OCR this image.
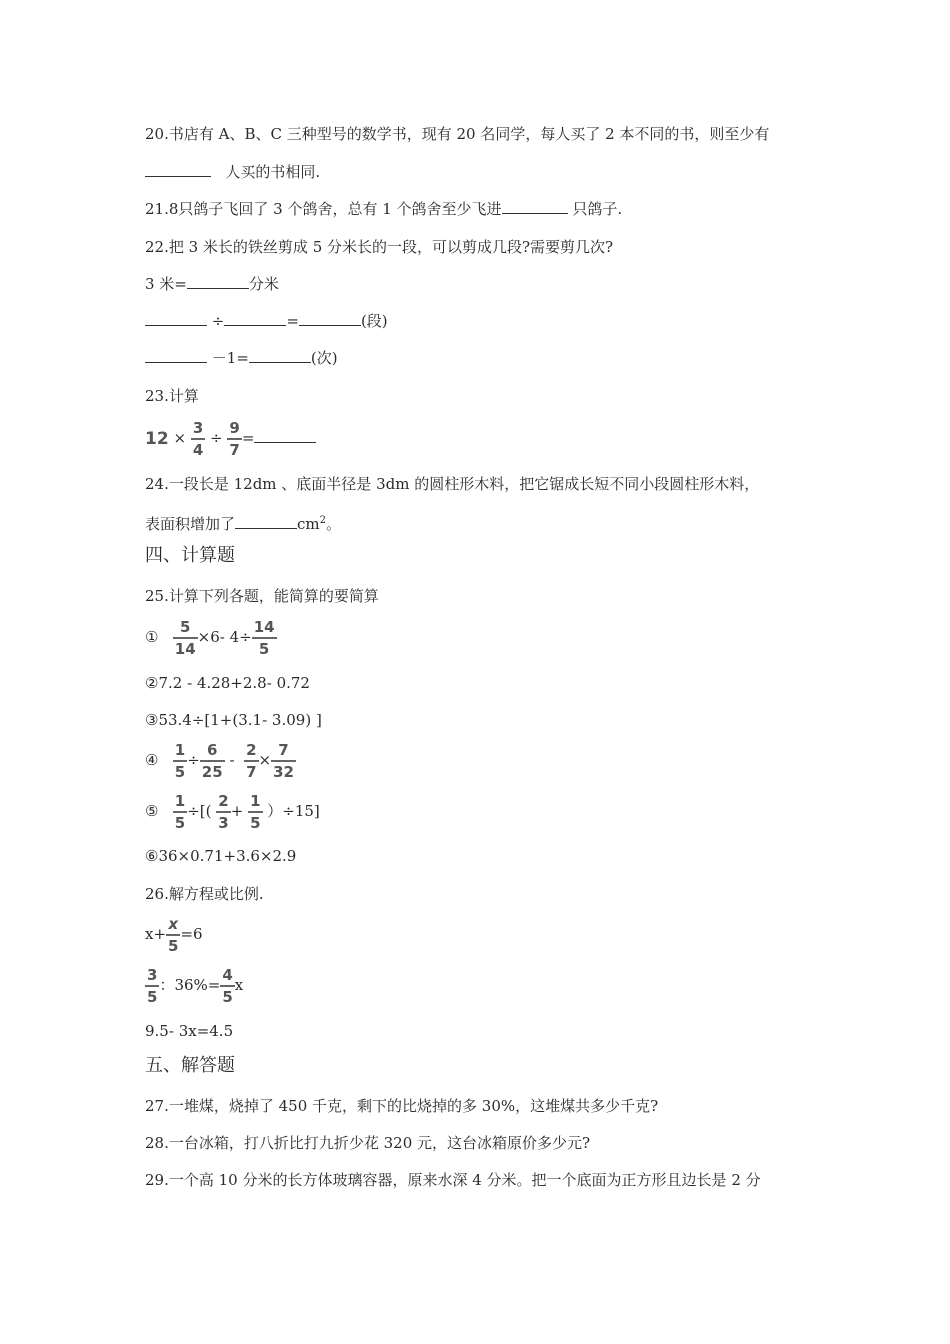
20.书店有 A、B、C 三种型号的数学书，现有 20 名同学，每人买了 2 本不同的书，则至少有
人买的书相同.
21.8只鸽子飞回了 3 个鸽舍，总有 1 个鸽舍至少飞进	只鸽子.
22.把 3 米长的铁丝剪成 5 分米长的一段，可以剪成几段?需要剪几次?
3 米=	分米
÷	=	(段)
－1=	(次)
23.计算
$12 \times \frac{3}{4} \div \frac{9}{7}$ =
24.一段长是 12dm 、底面半径是 3dm 的圆柱形木料，把它锯成长短不同小段圆柱形木料，
表面积增加了	$cm^2$。
四、计算题
25.计算下列各题，能简算的要简算
① $\frac{5}{14} \times 6-$ $4\div \frac{14}{5}$
②7.2 - 4.28+2.8- 0.72
③53.4÷[1+(3.1- 3.09) ]
④ $\frac{1}{5} \div \frac{6}{25} - \frac{2}{7} \times \frac{7}{32}$
⑤ $\frac{1}{5}$ ÷[( $\frac{2}{3} + \frac{1}{5} )\div 15$]
⑥36×0.71+3.6×2.9
26.解方程或比例.
$x+ \frac{x}{5} =6$
$\frac{3}{5}$ ：$36\%= \frac{4}{5}$ x
9.5- 3x=4.5
五、解答题
27.一堆煤，烧掉了 450 千克，剩下的比烧掉的多 30%，这堆煤共多少千克?
28.一台冰箱，打八折比打九折少花 320 元，这台冰箱原价多少元?
29.一个高 10 分米的长方体玻璃容器，原来水深 4 分米。把一个底面为正方形且边长是 2 分
